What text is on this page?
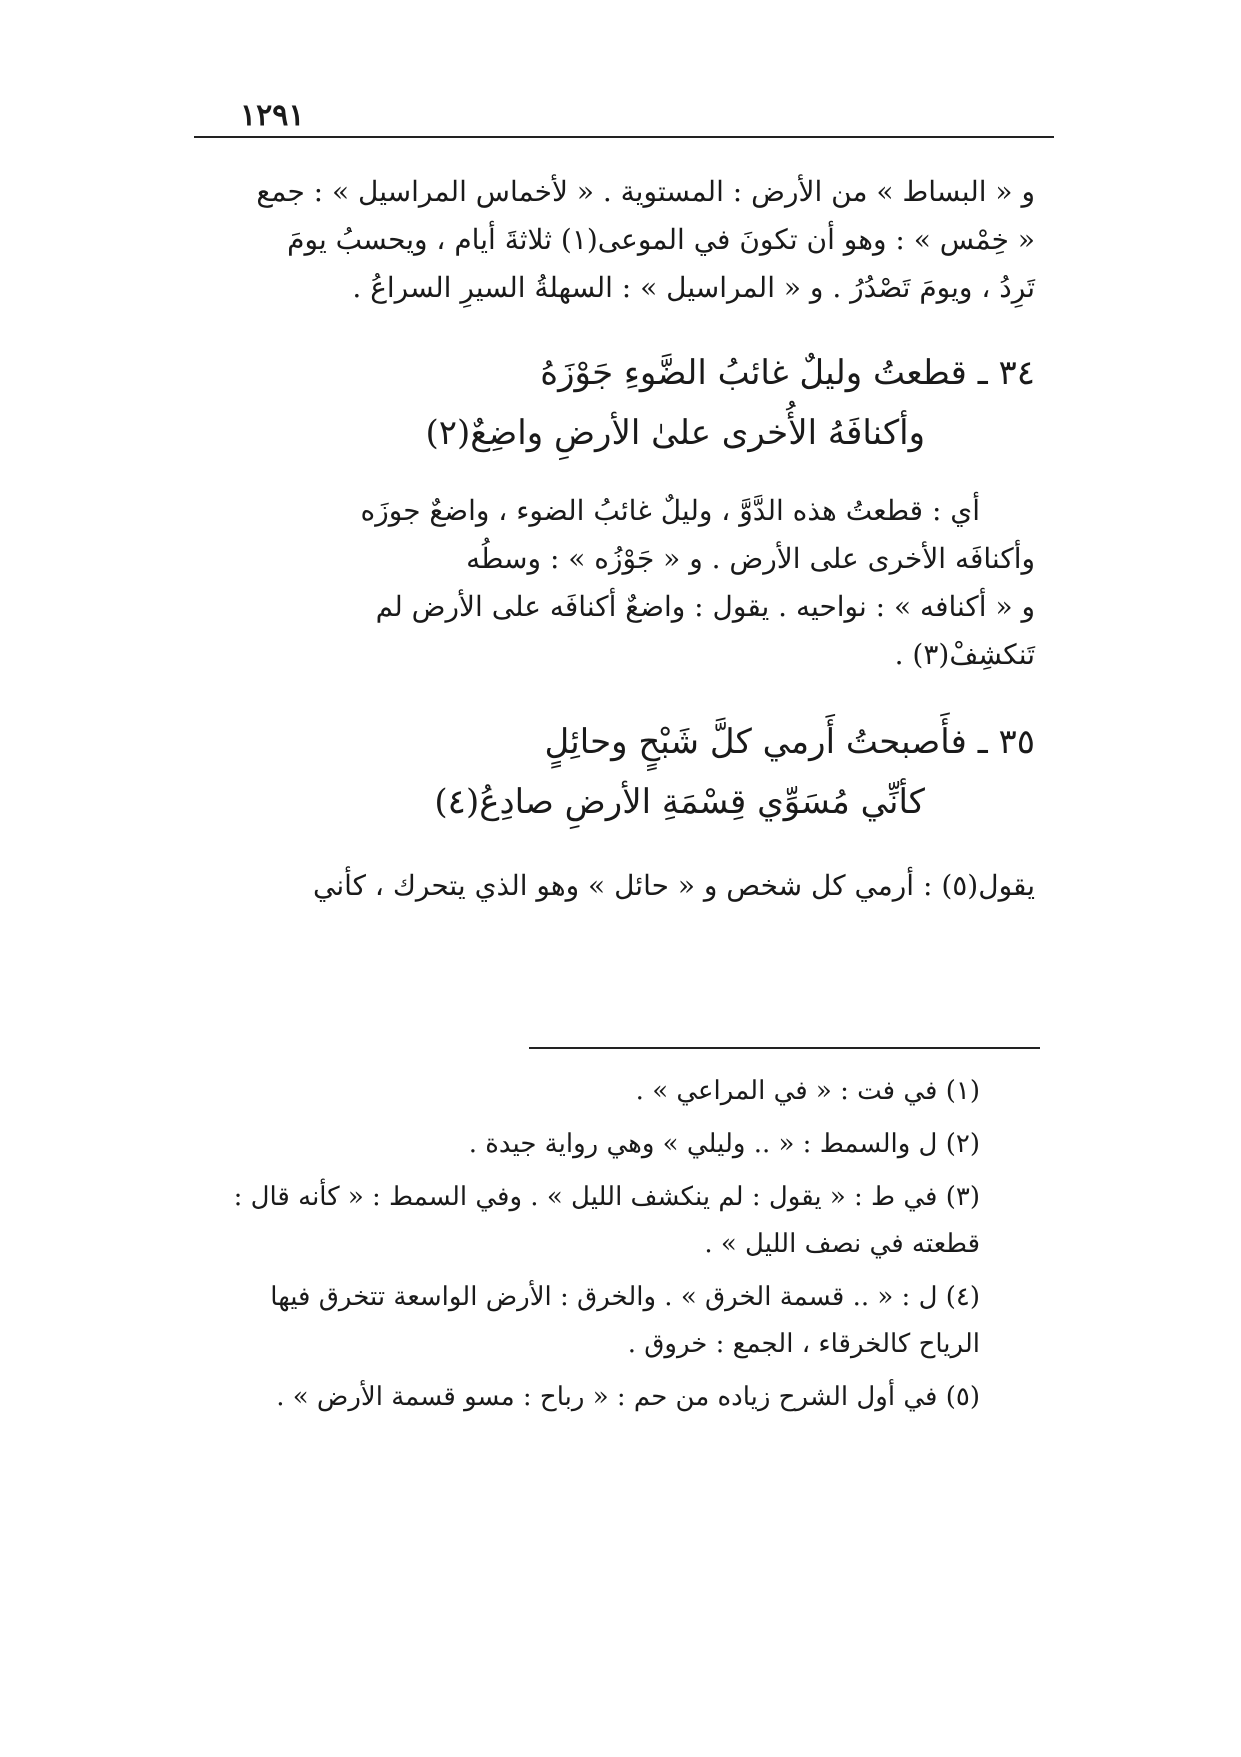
١٢٩١

و « البساط » من الأرض : المستوية . « لأخماس المراسيل » : جمع

« خِمْس » : وهو أن تكونَ في الموعى(١) ثلاثةَ أيام ، ويحسبُ يومَ

تَرِدُ ، ويومَ تَصْدُرُ . و « المراسيل » : السهلةُ السيرِ السراعُ .

٣٤ ـ قطعتُ وليلٌ غائبُ الضَّوءِ جَوْزَهُ
وأكنافَهُ الأُخرى علىٰ الأرضِ واضِعٌ(٢)

أي : قطعتُ هذه الدَّوَّ ، وليلٌ غائبُ الضوء ، واضعٌ جوزَه

وأكنافَه الأخرى على الأرض . و « جَوْزُه » : وسطُه

و « أكنافه » : نواحيه . يقول : واضعٌ أكنافَه على الأرض لم

تَنكشِفْ(٣) .

٣٥ ـ فأَصبحتُ أَرمي كلَّ شَبْحٍ وحائِلٍ
كأنِّي مُسَوِّي قِسْمَةِ الأرضِ صادِعُ(٤)

يقول(٥) : أرمي كل شخص و « حائل » وهو الذي يتحرك ، كأني

(١) في فت : « في المراعي » .

(٢) ل والسمط : « .. وليلي » وهي رواية جيدة .

(٣) في ط : « يقول : لم ينكشف الليل » . وفي السمط : « كأنه قال : قطعته في نصف الليل » .

(٤) ل : « .. قسمة الخرق » . والخرق : الأرض الواسعة تتخرق فيها الرياح كالخرقاء ، الجمع : خروق .

(٥) في أول الشرح زياده من حم : « رباح : مسو قسمة الأرض » .
